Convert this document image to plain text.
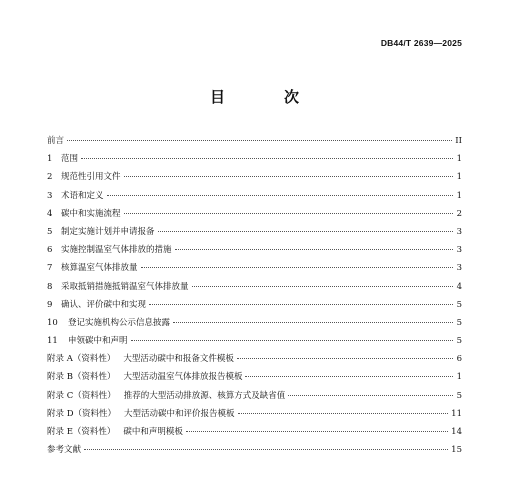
DB44/T 2639—2025
目　次
前言	II
1	范围	1
2	规范性引用文件	1
3	术语和定义	1
4	碳中和实施流程	2
5	制定实施计划并申请报备	3
6	实施控制温室气体排放的措施	3
7	核算温室气体排放量	3
8	采取抵销措施抵销温室气体排放量	4
9	确认、评价碳中和实现	5
10	登记实施机构公示信息披露	5
11	申领碳中和声明	5
附录 A（资料性） 大型活动碳中和报备文件模板	6
附录 B（资料性） 大型活动温室气体排放报告模板	1
附录 C（资料性） 推荐的大型活动排放源、核算方式及缺省值	5
附录 D（资料性） 大型活动碳中和评价报告模板	11
附录 E（资料性） 碳中和声明模板	14
参考文献	15
